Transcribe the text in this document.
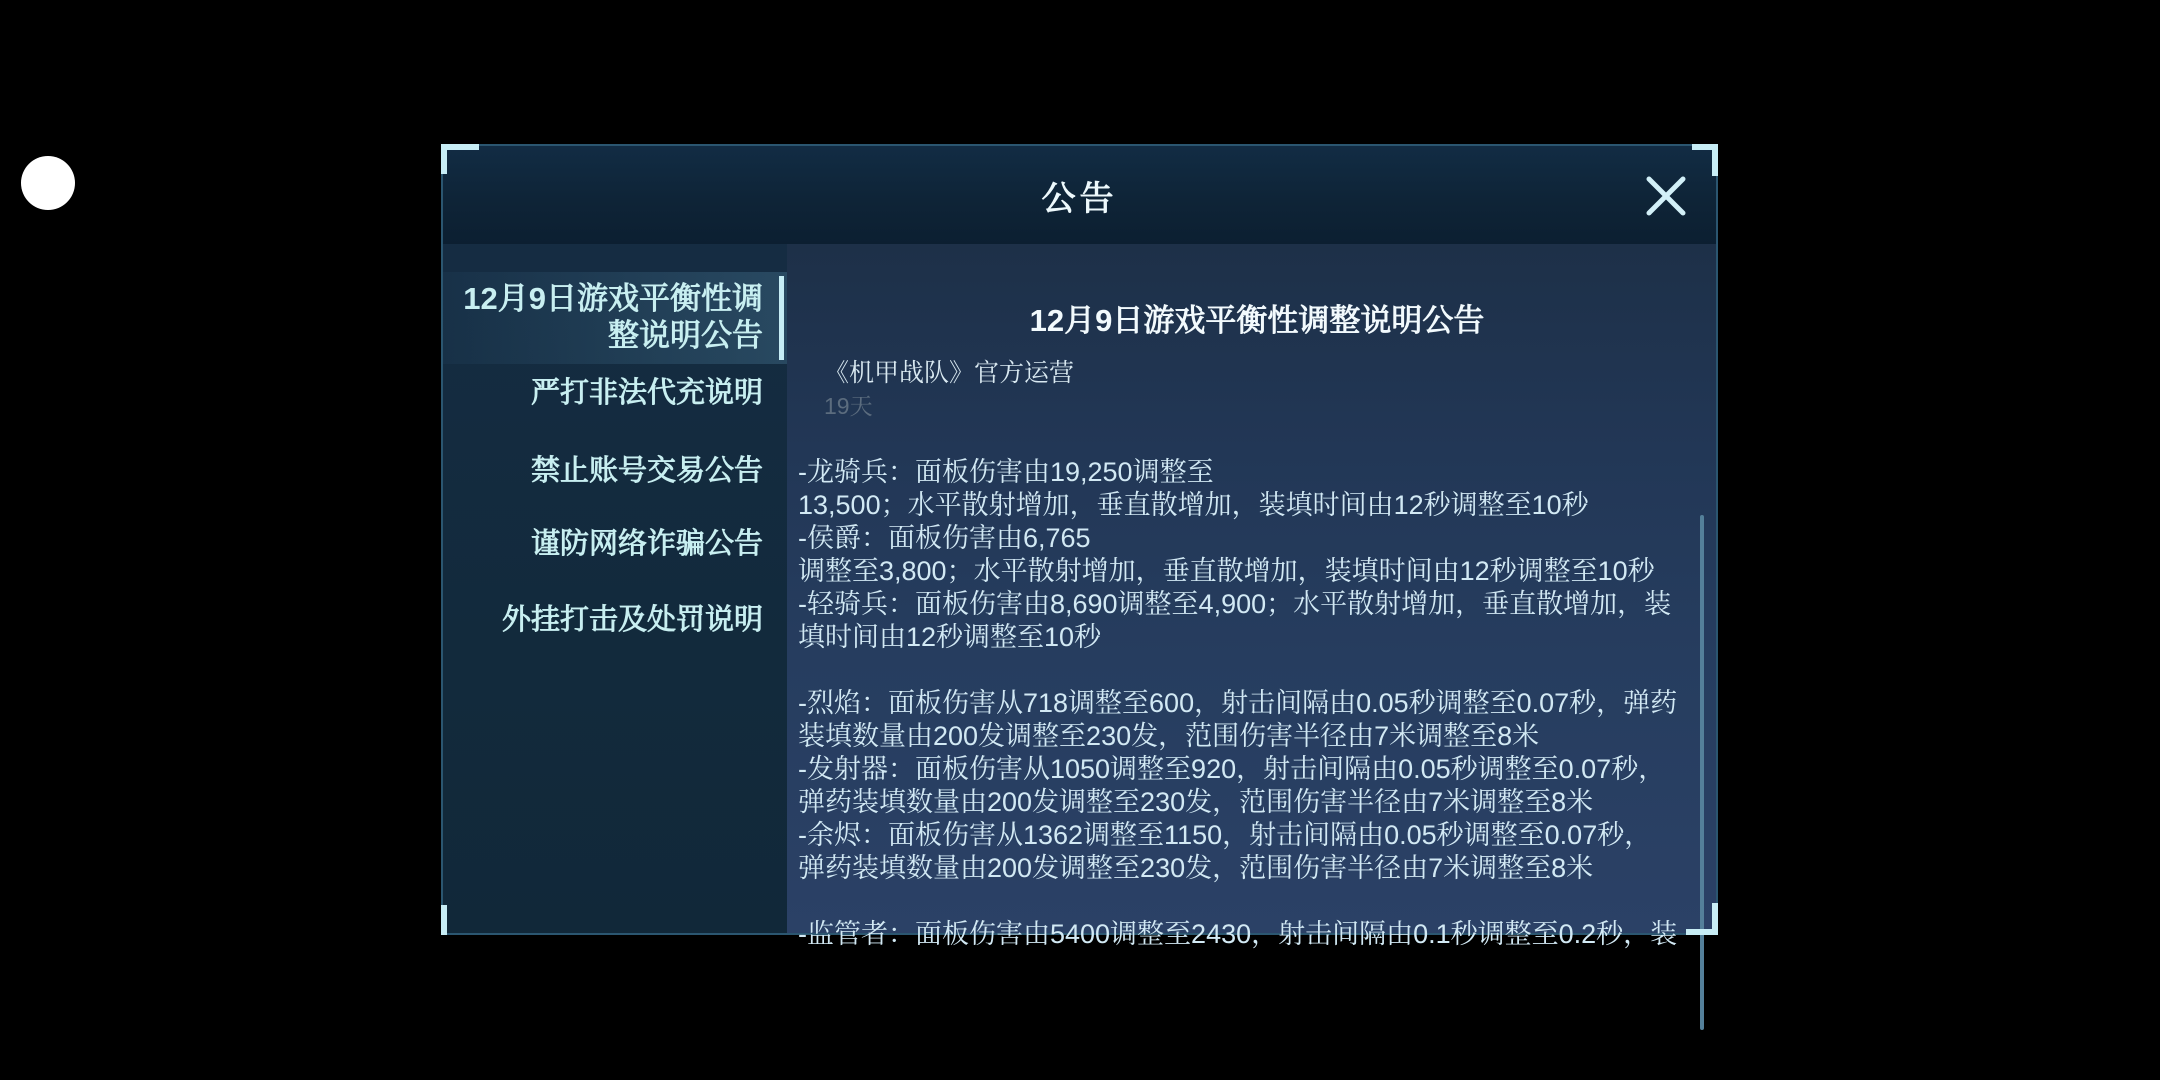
公告
12月9日游戏平衡性调整说明公告
严打非法代充说明
禁止账号交易公告
谨防网络诈骗公告
外挂打击及处罚说明
12月9日游戏平衡性调整说明公告
《机甲战队》官方运营
19天
-龙骑兵：面板伤害由19,250调整至
13,500；水平散射增加，垂直散增加，装填时间由12秒调整至10秒
-侯爵：面板伤害由6,765
调整至3,800；水平散射增加，垂直散增加，装填时间由12秒调整至10秒
-轻骑兵：面板伤害由8,690调整至4,900；水平散射增加，垂直散增加，装
填时间由12秒调整至10秒
-烈焰：面板伤害从718调整至600，射击间隔由0.05秒调整至0.07秒，弹药
装填数量由200发调整至230发，范围伤害半径由7米调整至8米
-发射器：面板伤害从1050调整至920，射击间隔由0.05秒调整至0.07秒，
弹药装填数量由200发调整至230发，范围伤害半径由7米调整至8米
-余烬：面板伤害从1362调整至1150，射击间隔由0.05秒调整至0.07秒，
弹药装填数量由200发调整至230发，范围伤害半径由7米调整至8米
-监管者：面板伤害由5400调整至2430，射击间隔由0.1秒调整至0.2秒，装
